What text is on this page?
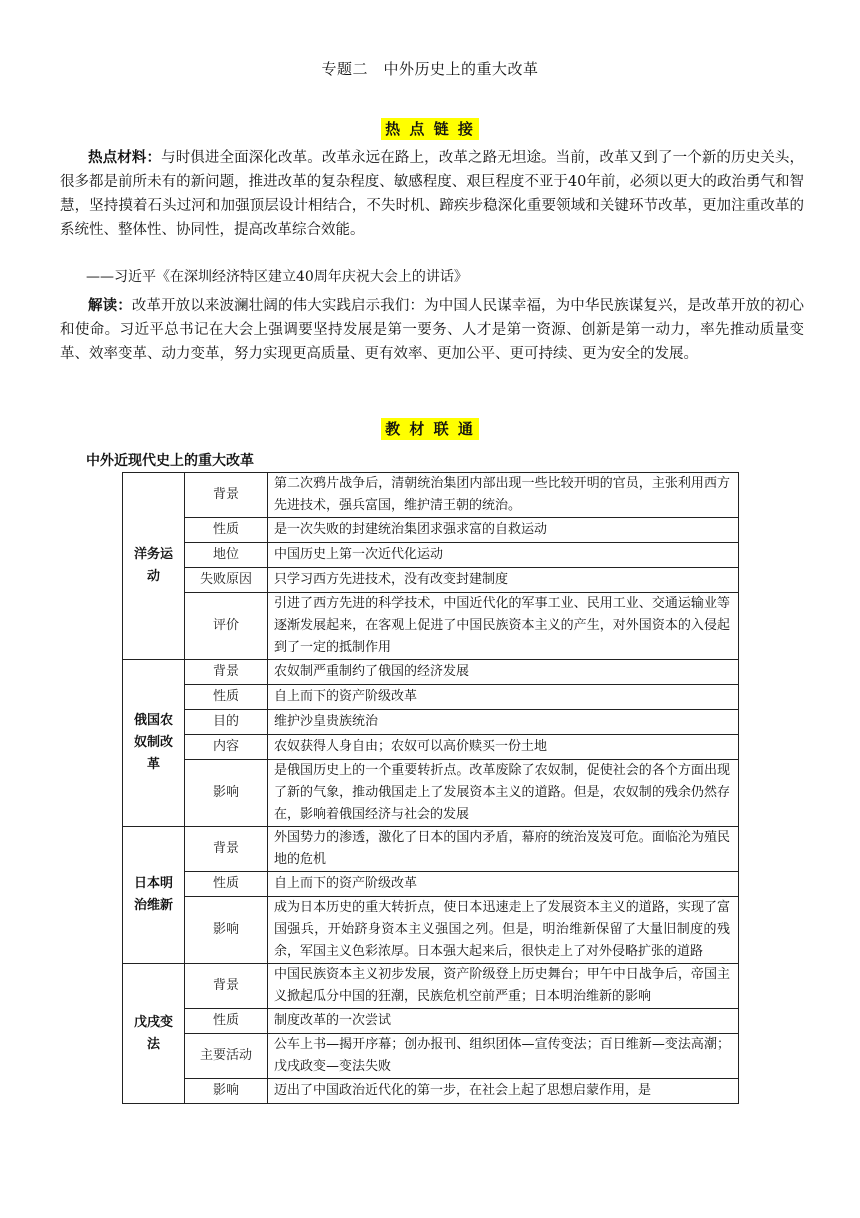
专题二　中外历史上的重大改革
热 点 链 接
热点材料：与时俱进全面深化改革。改革永远在路上，改革之路无坦途。当前，改革又到了一个新的历史关头，很多都是前所未有的新问题，推进改革的复杂程度、敏感程度、艰巨程度不亚于40年前，必须以更大的政治勇气和智慧，坚持摸着石头过河和加强顶层设计相结合，不失时机、蹄疾步稳深化重要领域和关键环节改革，更加注重改革的系统性、整体性、协同性，提高改革综合效能。
——习近平《在深圳经济特区建立40周年庆祝大会上的讲话》
解读：改革开放以来波澜壮阔的伟大实践启示我们：为中国人民谋幸福，为中华民族谋复兴，是改革开放的初心和使命。习近平总书记在大会上强调要坚持发展是第一要务、人才是第一资源、创新是第一动力，率先推动质量变革、效率变革、动力变革，努力实现更高质量、更有效率、更加公平、更可持续、更为安全的发展。
教 材 联 通
中外近现代史上的重大改革
洋务运动	背景	第二次鸦片战争后，清朝统治集团内部出现一些比较开明的官员，主张利用西方先进技术，强兵富国，维护清王朝的统治。
	性质	是一次失败的封建统治集团求强求富的自救运动
	地位	中国历史上第一次近代化运动
	失败原因	只学习西方先进技术，没有改变封建制度
	评价	引进了西方先进的科学技术，中国近代化的军事工业、民用工业、交通运输业等逐渐发展起来，在客观上促进了中国民族资本主义的产生，对外国资本的入侵起到了一定的抵制作用
俄国农奴制改革	背景	农奴制严重制约了俄国的经济发展
	性质	自上而下的资产阶级改革
	目的	维护沙皇贵族统治
	内容	农奴获得人身自由；农奴可以高价赎买一份土地
	影响	是俄国历史上的一个重要转折点。改革废除了农奴制，促使社会的各个方面出现了新的气象，推动俄国走上了发展资本主义的道路。但是，农奴制的残余仍然存在，影响着俄国经济与社会的发展
日本明治维新	背景	外国势力的渗透，激化了日本的国内矛盾，幕府的统治岌岌可危。面临沦为殖民地的危机
	性质	自上而下的资产阶级改革
	影响	成为日本历史的重大转折点，使日本迅速走上了发展资本主义的道路，实现了富国强兵，开始跻身资本主义强国之列。但是，明治维新保留了大量旧制度的残余，军国主义色彩浓厚。日本强大起来后，很快走上了对外侵略扩张的道路
戊戌变法	背景	中国民族资本主义初步发展，资产阶级登上历史舞台；甲午中日战争后，帝国主义掀起瓜分中国的狂潮，民族危机空前严重；日本明治维新的影响
	性质	制度改革的一次尝试
	主要活动	公车上书—揭开序幕；创办报刊、组织团体—宣传变法；百日维新—变法高潮；戊戌政变—变法失败
	影响	迈出了中国政治近代化的第一步，在社会上起了思想启蒙作用，是
